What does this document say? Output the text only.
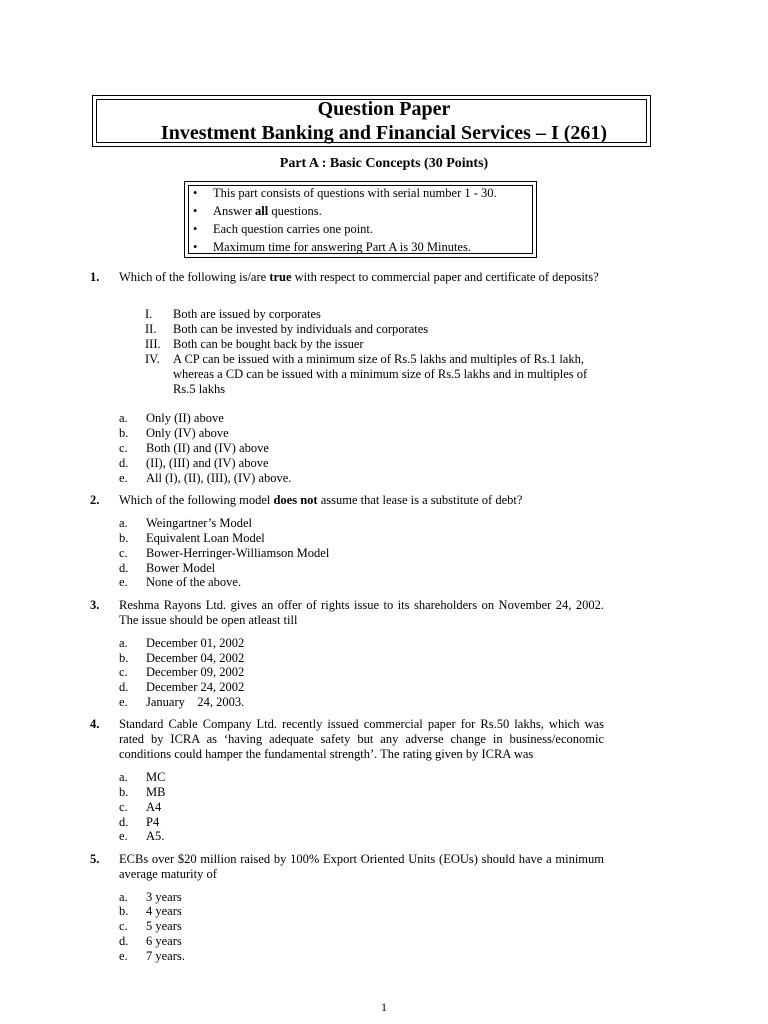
Question Paper
Investment Banking and Financial Services – I (261)
Part A : Basic Concepts (30 Points)
• This part consists of questions with serial number 1 - 30.
• Answer all questions.
• Each question carries one point.
• Maximum time for answering Part A is 30 Minutes.
1. Which of the following is/are true with respect to commercial paper and certificate of deposits?
I. Both are issued by corporates
II. Both can be invested by individuals and corporates
III. Both can be bought back by the issuer
IV. A CP can be issued with a minimum size of Rs.5 lakhs and multiples of Rs.1 lakh, whereas a CD can be issued with a minimum size of Rs.5 lakhs and in multiples of Rs.5 lakhs
a. Only (II) above
b. Only (IV) above
c. Both (II) and (IV) above
d. (II), (III) and (IV) above
e. All (I), (II), (III), (IV) above.
2. Which of the following model does not assume that lease is a substitute of debt?
a. Weingartner’s Model
b. Equivalent Loan Model
c. Bower-Herringer-Williamson Model
d. Bower Model
e. None of the above.
3. Reshma Rayons Ltd. gives an offer of rights issue to its shareholders on November 24, 2002. The issue should be open atleast till
a. December 01, 2002
b. December 04, 2002
c. December 09, 2002
d. December 24, 2002
e. January    24, 2003.
4. Standard Cable Company Ltd. recently issued commercial paper for Rs.50 lakhs, which was rated by ICRA as ‘having adequate safety but any adverse change in business/economic conditions could hamper the fundamental strength’. The rating given by ICRA was
a. MC
b. MB
c. A4
d. P4
e. A5.
5. ECBs over $20 million raised by 100% Export Oriented Units (EOUs) should have a minimum average maturity of
a. 3 years
b. 4 years
c. 5 years
d. 6 years
e. 7 years.
1
